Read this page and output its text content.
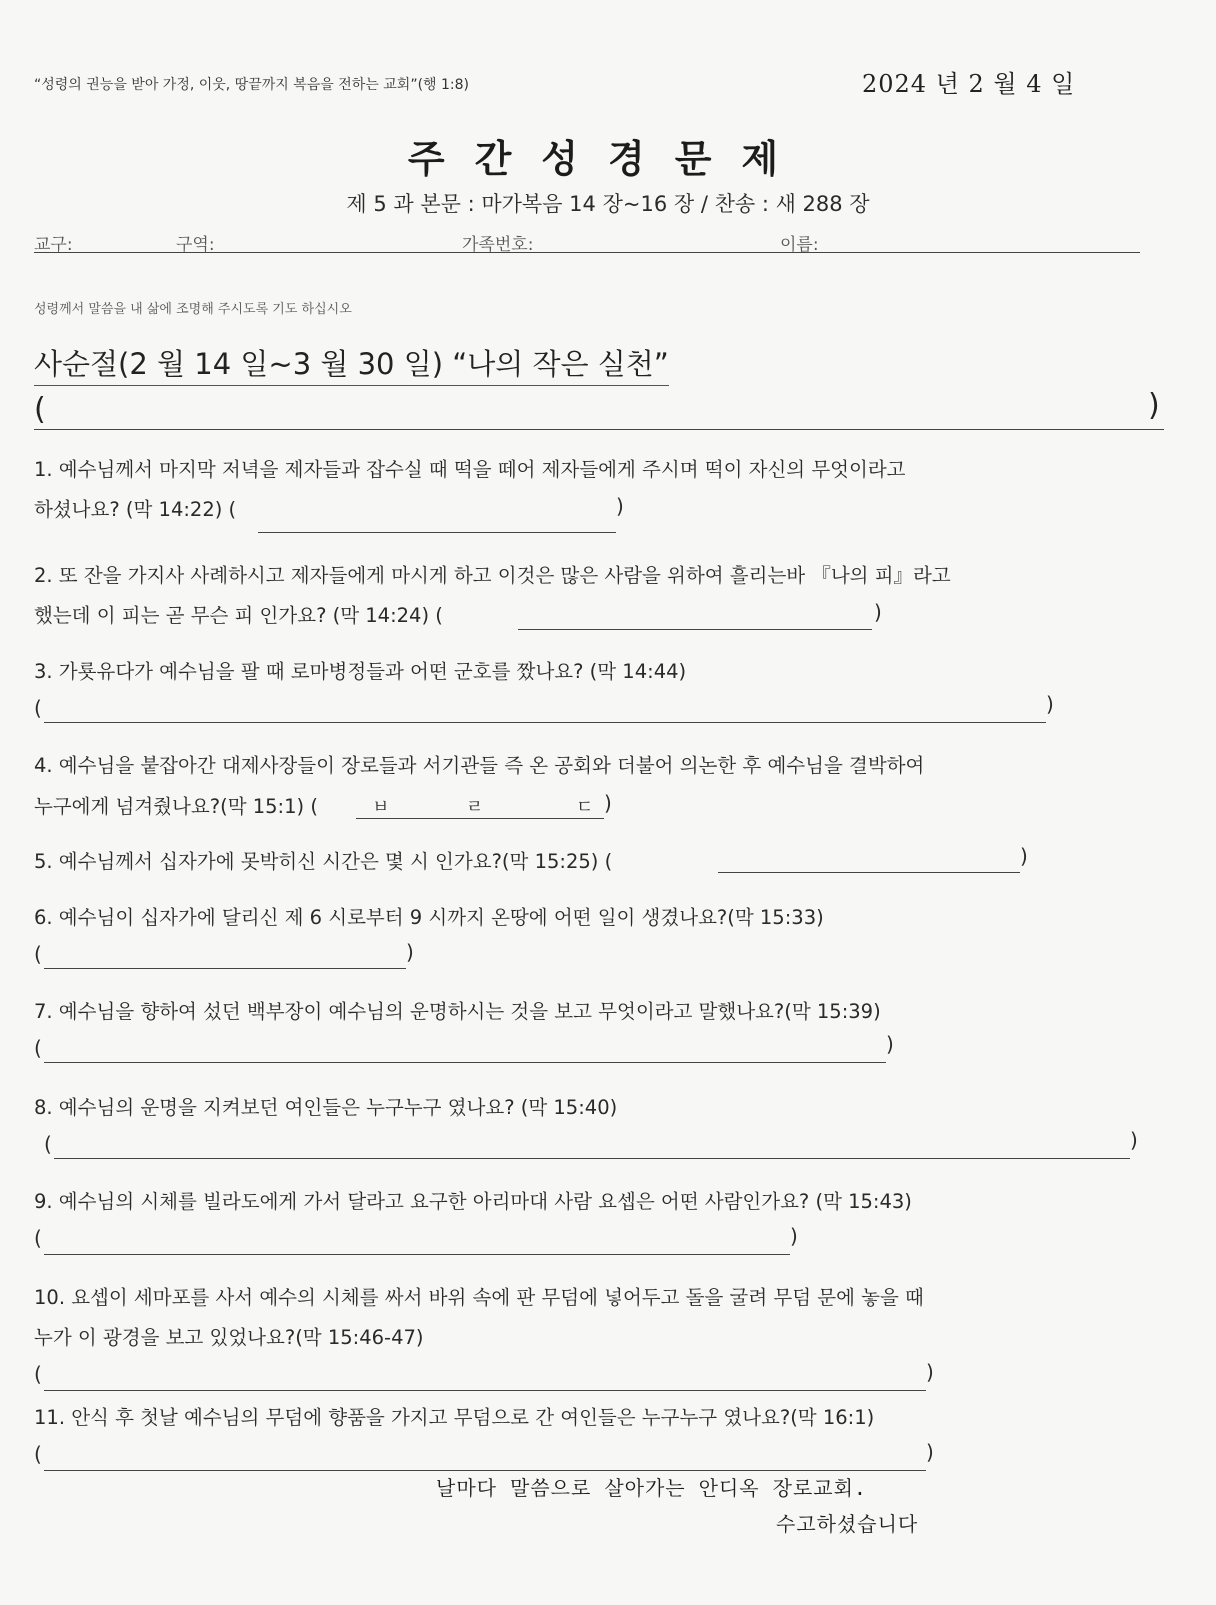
“성령의 권능을 받아 가정, 이웃, 땅끝까지 복음을 전하는 교회”(행 1:8)	2024 년 2 월 4 일
주간성경문제
제 5 과 본문 : 마가복음 14 장~16 장 / 찬송 : 새 288 장
교구:	구역:	가족번호:	이름:
성령께서 말씀을 내 삶에 조명해 주시도록 기도 하십시오
사순절(2 월 14 일~3 월 30 일) “나의 작은 실천”
(	)
1. 예수님께서 마지막 저녁을 제자들과 잡수실 때 떡을 떼어 제자들에게 주시며 떡이 자신의 무엇이라고
하셨나요? (막 14:22) (	)
2. 또 잔을 가지사 사례하시고 제자들에게 마시게 하고 이것은 많은 사람을 위하여 흘리는바 『나의 피』라고
했는데 이 피는 곧 무슨 피 인가요? (막 14:24) (	)
3. 가룟유다가 예수님을 팔 때 로마병정들과 어떤 군호를 짰나요? (막 14:44)
(	)
4. 예수님을 붙잡아간 대제사장들이 장로들과 서기관들 즉 온 공회와 더불어 의논한 후 예수님을 결박하여
누구에게 넘겨줬나요?(막 15:1) (	ㅂ	ㄹ	ㄷ )
5. 예수님께서 십자가에 못박히신 시간은 몇 시 인가요?(막 15:25) (	)
6. 예수님이 십자가에 달리신 제 6 시로부터 9 시까지 온땅에 어떤 일이 생겼나요?(막 15:33)
(	)
7. 예수님을 향하여 섰던 백부장이 예수님의 운명하시는 것을 보고 무엇이라고 말했나요?(막 15:39)
(	)
8. 예수님의 운명을 지켜보던 여인들은 누구누구 였나요? (막 15:40)
(	)
9. 예수님의 시체를 빌라도에게 가서 달라고 요구한 아리마대 사람 요셉은 어떤 사람인가요? (막 15:43)
(	)
10. 요셉이 세마포를 사서 예수의 시체를 싸서 바위 속에 판 무덤에 넣어두고 돌을 굴려 무덤 문에 놓을 때
누가 이 광경을 보고 있었나요?(막 15:46-47)
(	)
11. 안식 후 첫날 예수님의 무덤에 향품을 가지고 무덤으로 간 여인들은 누구누구 였나요?(막 16:1)
(	)
날마다 말씀으로 살아가는 안디옥 장로교회.
수고하셨습니다
